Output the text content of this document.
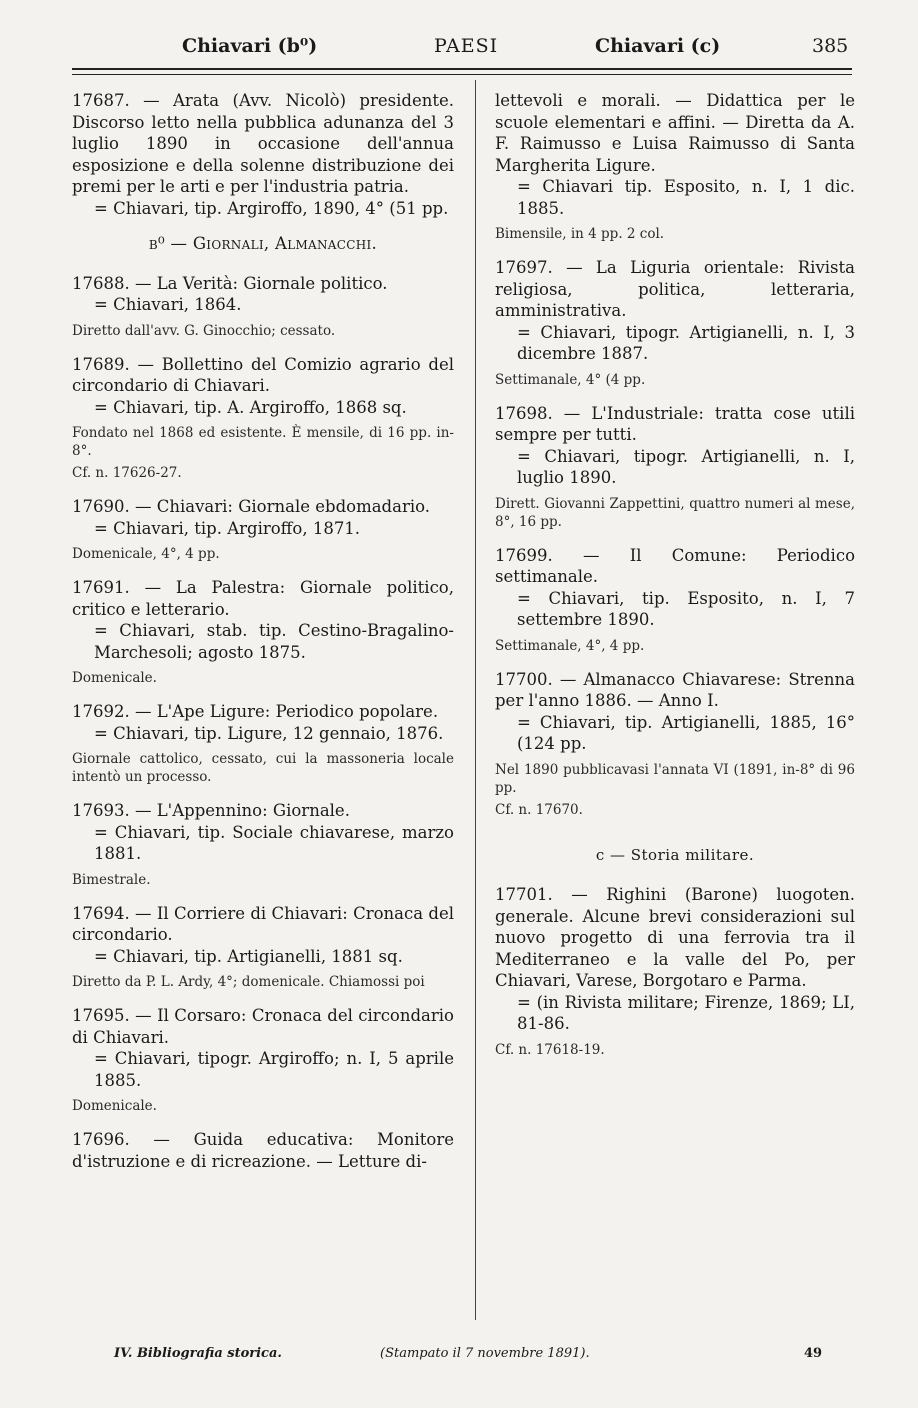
Chiavari (b⁰)	PAESI	Chiavari (c)	385
17687. — Arata (Avv. Nicolò) presidente. Discorso letto nella pubblica adunanza del 3 luglio 1890 in occasione dell'annua esposizione e della solenne distribuzione dei premi per le arti e per l'industria patria.
= Chiavari, tip. Argiroffo, 1890, 4° (51 pp.
b⁰ — Giornali, Almanacchi.
17688. — La Verità: Giornale politico.
= Chiavari, 1864.
Diretto dall'avv. G. Ginocchio; cessato.
17689. — Bollettino del Comizio agrario del circondario di Chiavari.
= Chiavari, tip. A. Argiroffo, 1868 sq.
Fondato nel 1868 ed esistente. È mensile, di 16 pp. in-8°.
Cf. n. 17626-27.
17690. — Chiavari: Giornale ebdomadario.
= Chiavari, tip. Argiroffo, 1871.
Domenicale, 4°, 4 pp.
17691. — La Palestra: Giornale politico, critico e letterario.
= Chiavari, stab. tip. Cestino-Bragalino-Marchesoli; agosto 1875.
Domenicale.
17692. — L'Ape Ligure: Periodico popolare.
= Chiavari, tip. Ligure, 12 gennaio, 1876.
Giornale cattolico, cessato, cui la massoneria locale intentò un processo.
17693. — L'Appennino: Giornale.
= Chiavari, tip. Sociale chiavarese, marzo 1881.
Bimestrale.
17694. — Il Corriere di Chiavari: Cronaca del circondario.
= Chiavari, tip. Artigianelli, 1881 sq.
Diretto da P. L. Ardy, 4°; domenicale. Chiamossi poi
17695. — Il Corsaro: Cronaca del circondario di Chiavari.
= Chiavari, tipogr. Argiroffo; n. I, 5 aprile 1885.
Domenicale.
17696. — Guida educativa: Monitore d'istruzione e di ricreazione. — Letture di-
lettevoli e morali. — Didattica per le scuole elementari e affini. — Diretta da A. F. Raimusso e Luisa Raimusso di Santa Margherita Ligure.
= Chiavari tip. Esposito, n. I, 1 dic. 1885.
Bimensile, in 4 pp. 2 col.
17697. — La Liguria orientale: Rivista religiosa, politica, letteraria, amministrativa.
= Chiavari, tipogr. Artigianelli, n. I, 3 dicembre 1887.
Settimanale, 4° (4 pp.
17698. — L'Industriale: tratta cose utili sempre per tutti.
= Chiavari, tipogr. Artigianelli, n. I, luglio 1890.
Dirett. Giovanni Zappettini, quattro numeri al mese, 8°, 16 pp.
17699. — Il Comune: Periodico settimanale.
= Chiavari, tip. Esposito, n. I, 7 settembre 1890.
Settimanale, 4°, 4 pp.
17700. — Almanacco Chiavarese: Strenna per l'anno 1886. — Anno I.
= Chiavari, tip. Artigianelli, 1885, 16° (124 pp.
Nel 1890 pubblicavasi l'annata VI (1891, in-8° di 96 pp.
Cf. n. 17670.
c — Storia militare.
17701. — Righini (Barone) luogoten. generale. Alcune brevi considerazioni sul nuovo progetto di una ferrovia tra il Mediterraneo e la valle del Po, per Chiavari, Varese, Borgotaro e Parma.
= (in Rivista militare; Firenze, 1869; LI, 81-86.
Cf. n. 17618-19.
IV. Bibliografia storica.	(Stampato il 7 novembre 1891).	49
